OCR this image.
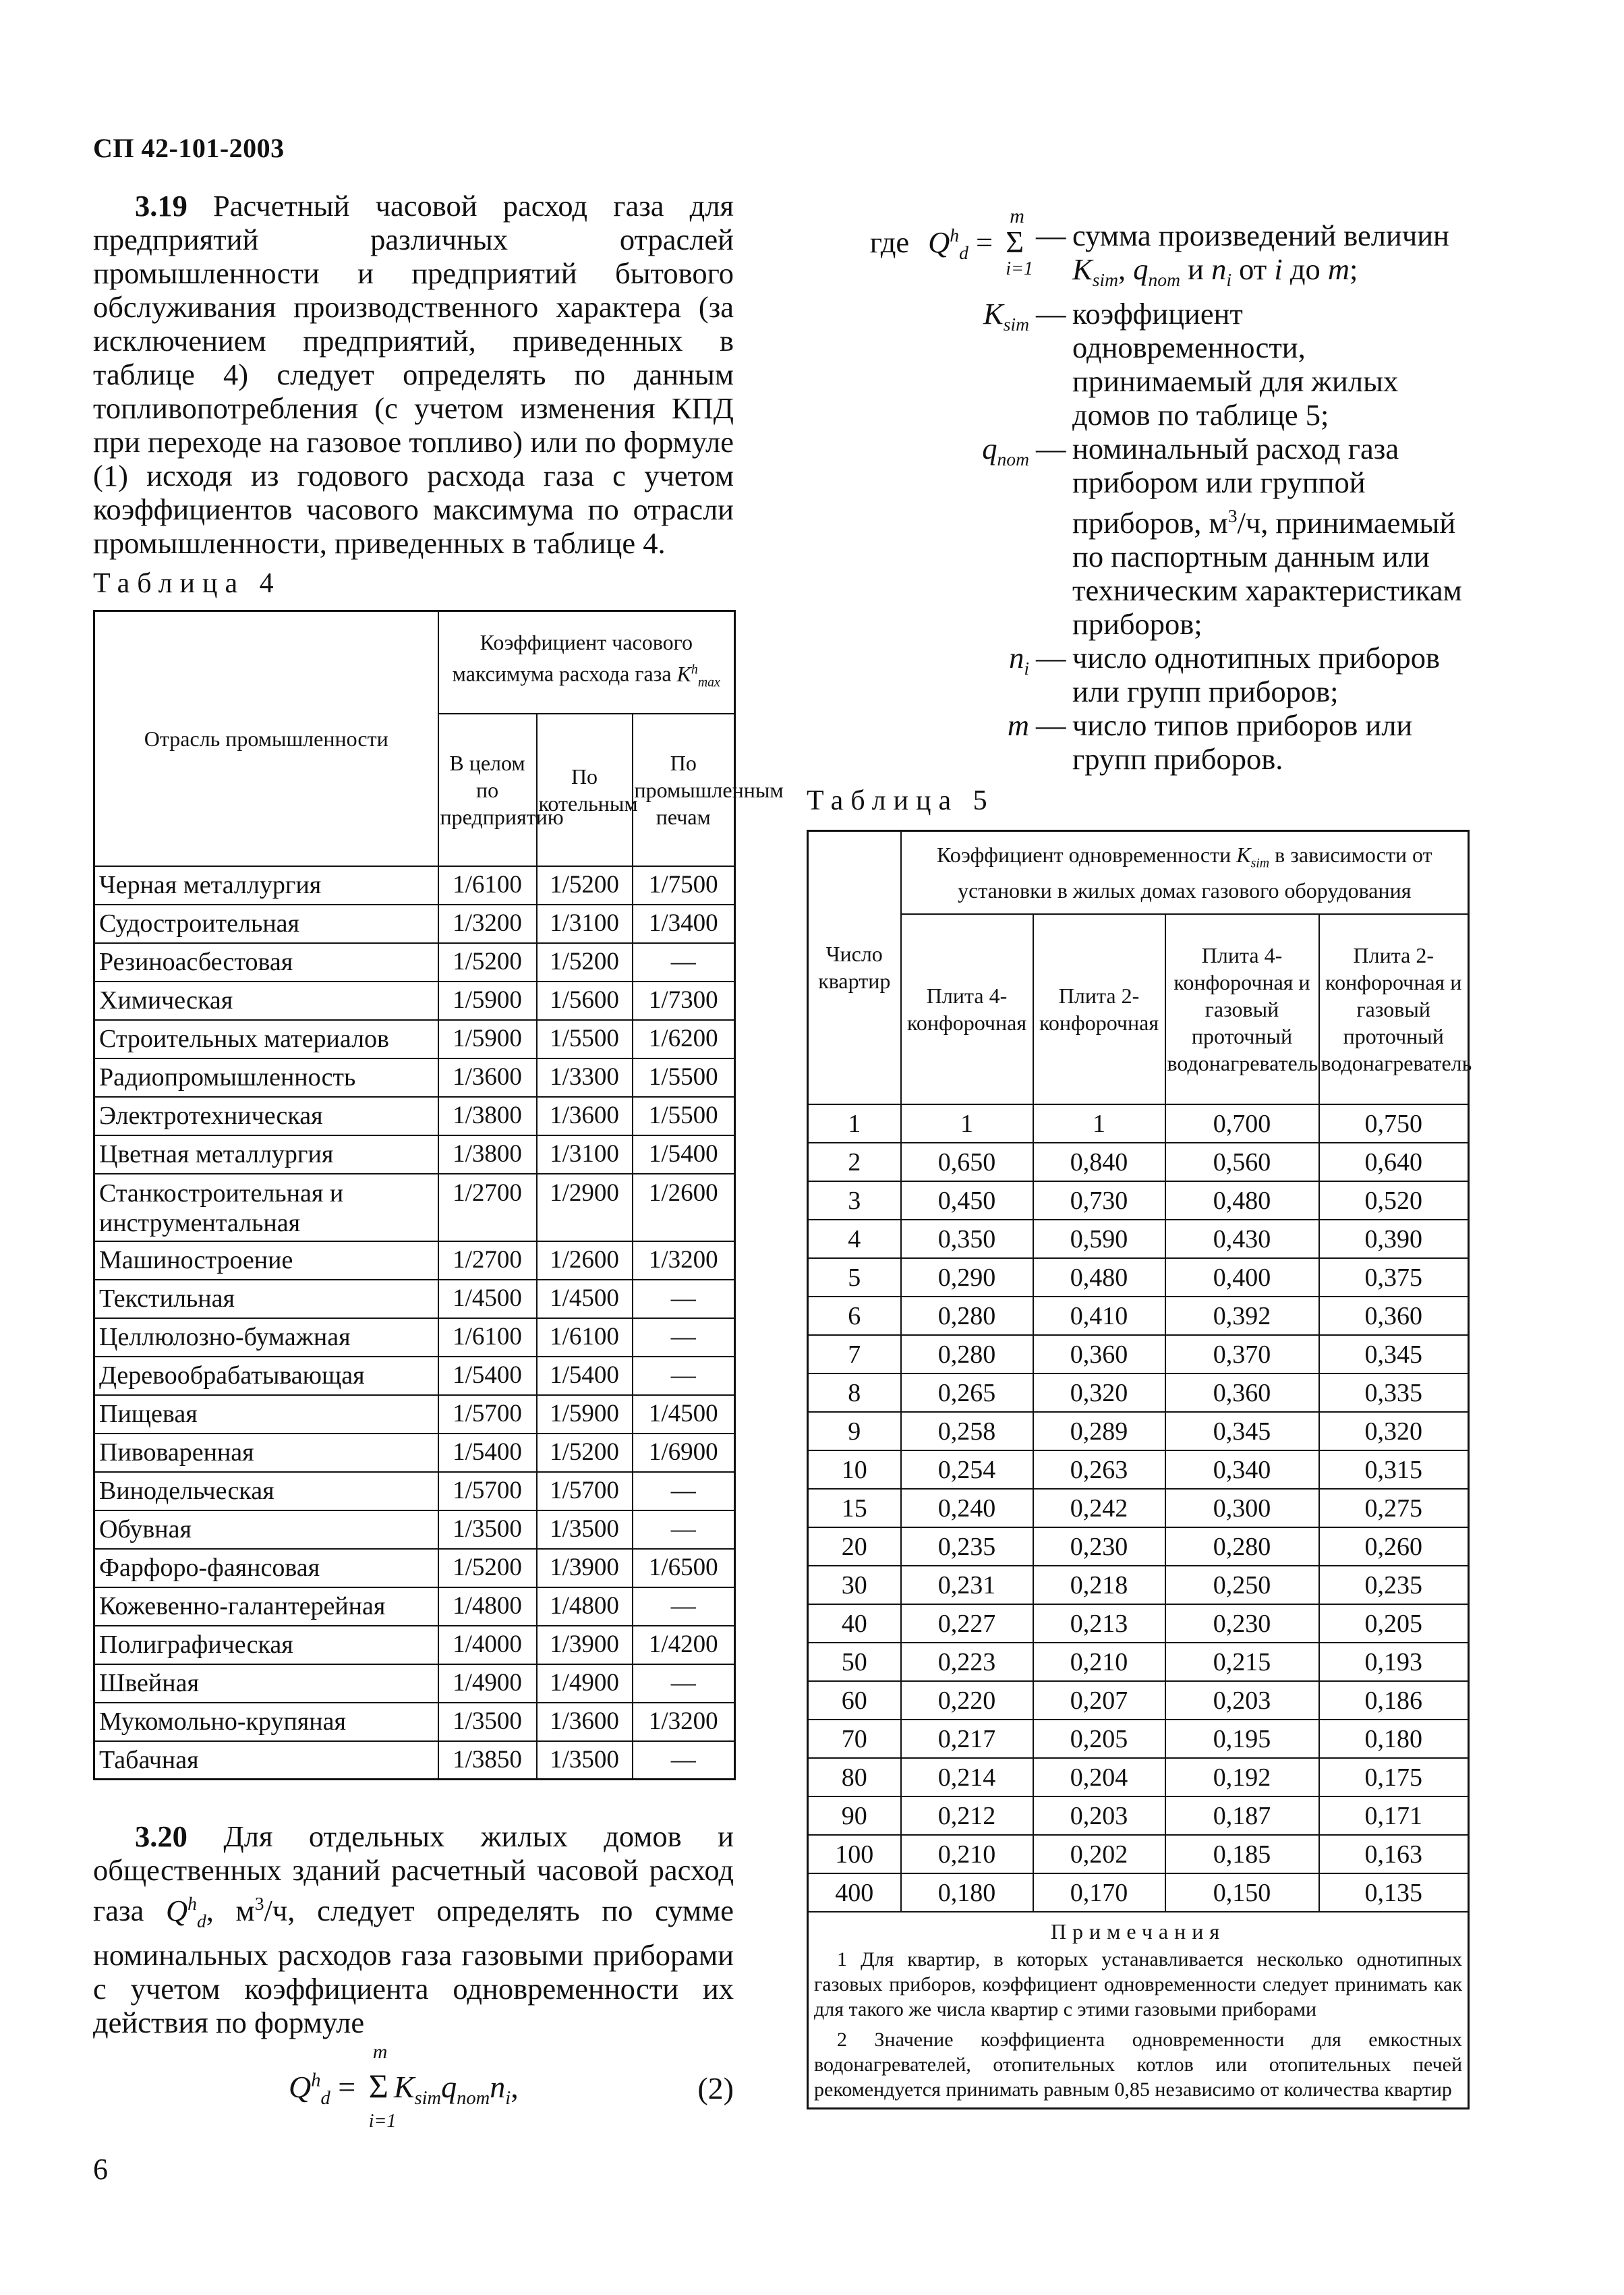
СП 42-101-2003

3.19 Расчетный часовой расход газа для предприятий различных отраслей промышленности и предприятий бытового обслуживания производственного характера (за исключением предприятий, приведенных в таблице 4) следует определять по данным топливопотребления (с учетом изменения КПД при переходе на газовое топливо) или по формуле (1) исходя из годового расхода газа с учетом коэффициентов часового максимума по отрасли промышленности, приведенных в таблице 4.

Таблица 4
Отрасль промышленности	Коэффициент часового максимума расхода газа $K^h_{max}$
	В целом по предприятию	По котельным	По промышленным печам
Черная металлургия	1/6100	1/5200	1/7500
Судостроительная	1/3200	1/3100	1/3400
Резиноасбестовая	1/5200	1/5200	—
Химическая	1/5900	1/5600	1/7300
Строительных материалов	1/5900	1/5500	1/6200
Радиопромышленность	1/3600	1/3300	1/5500
Электротехническая	1/3800	1/3600	1/5500
Цветная металлургия	1/3800	1/3100	1/5400
Станкостроительная и инструментальная	1/2700	1/2900	1/2600
Машиностроение	1/2700	1/2600	1/3200
Текстильная	1/4500	1/4500	—
Целлюлозно-бумажная	1/6100	1/6100	—
Деревообрабатывающая	1/5400	1/5400	—
Пищевая	1/5700	1/5900	1/4500
Пивоваренная	1/5400	1/5200	1/6900
Винодельческая	1/5700	1/5700	—
Обувная	1/3500	1/3500	—
Фарфоро-фаянсовая	1/5200	1/3900	1/6500
Кожевенно-галантерейная	1/4800	1/4800	—
Полиграфическая	1/4000	1/3900	1/4200
Швейная	1/4900	1/4900	—
Мукомольно-крупяная	1/3500	1/3600	1/3200
Табачная	1/3850	1/3500	—

3.20 Для отдельных жилых домов и общественных зданий расчетный часовой расход газа $Q^h_d$, $м^3/ч$, следует определять по сумме номинальных расходов газа газовыми приборами с учетом коэффициента одновременности их действия по формуле

$Q^h_d = \Sigma$
m
i=1
$K_{sim}q_{nom}n_i$,	(2)
где $Q^h_d = \Sigma$
m
i=1
— сумма произведений величин $K_{sim}$, $q_{nom}$ и $n_i$ от i до m;
$K_{sim}$ — коэффициент одновременности, принимаемый для жилых домов по таблице 5;
$q_{nom}$ — номинальный расход газа прибором или группой приборов, $м^3/ч$, принимаемый по паспортным данным или техническим характеристикам приборов;
$n_i$ — число однотипных приборов или групп приборов;
m — число типов приборов или групп приборов.
Таблица 5
Число квартир	Коэффициент одновременности $K_{sim}$ в зависимости от установки в жилых домах газового оборудования			
	Плита 4-конфорочная	Плита 2-конфорочная	Плита 4-конфорочная и газовый проточный водонагреватель	Плита 2-конфорочная и газовый проточный водонагреватель
1	1	1	0,700	0,750
2	0,650	0,840	0,560	0,640
3	0,450	0,730	0,480	0,520
4	0,350	0,590	0,430	0,390
5	0,290	0,480	0,400	0,375
6	0,280	0,410	0,392	0,360
7	0,280	0,360	0,370	0,345
8	0,265	0,320	0,360	0,335
9	0,258	0,289	0,345	0,320
10	0,254	0,263	0,340	0,315
15	0,240	0,242	0,300	0,275
20	0,235	0,230	0,280	0,260
30	0,231	0,218	0,250	0,235
40	0,227	0,213	0,230	0,205
50	0,223	0,210	0,215	0,193
60	0,220	0,207	0,203	0,186
70	0,217	0,205	0,195	0,180
80	0,214	0,204	0,192	0,175
90	0,212	0,203	0,187	0,171
100	0,210	0,202	0,185	0,163
400	0,180	0,170	0,150	0,135

Примечания
1 Для квартир, в которых устанавливается несколько однотипных газовых приборов, коэффициент одновременности следует принимать как для такого же числа квартир с этими газовыми приборами
2 Значение коэффициента одновременности для емкостных водонагревателей, отопительных котлов или отопительных печей рекомендуется принимать равным 0,85 независимо от количества квартир				
6
